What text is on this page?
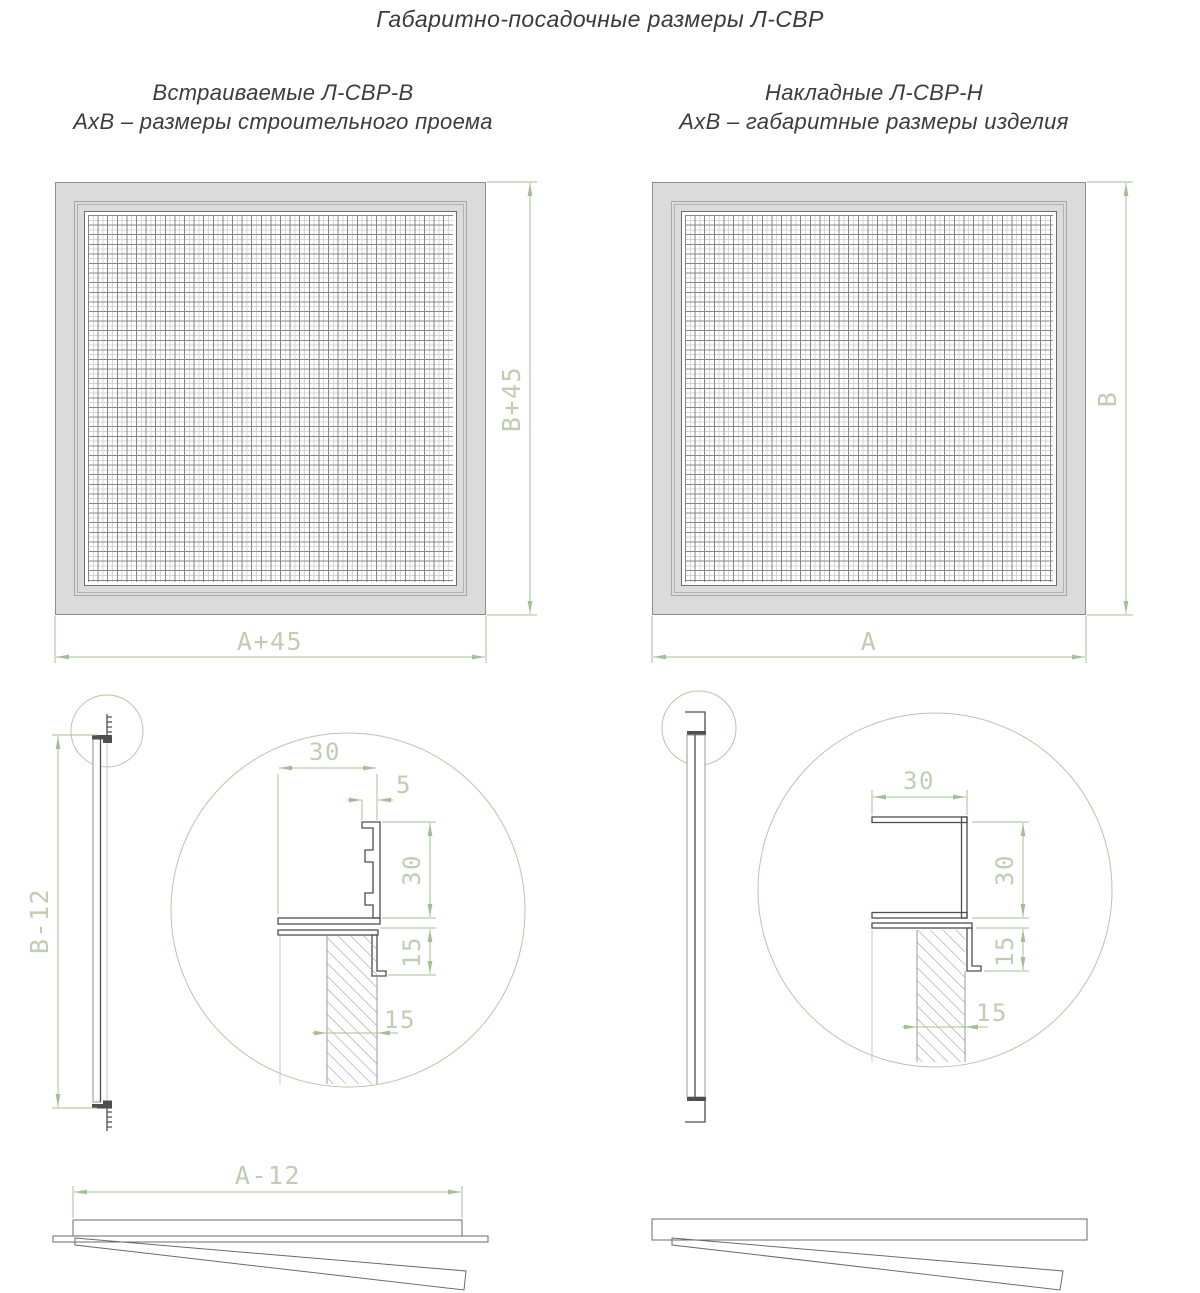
Габаритно-посадочные размеры Л-СВР
Встраиваемые Л-СВР-В
АхВ – размеры строительного проема
Накладные Л-СВР-Н
АхВ – габаритные размеры изделия
В+45
А+45
В
А
В-12
30
5
30
15
15
30
30
15
15
А-12
